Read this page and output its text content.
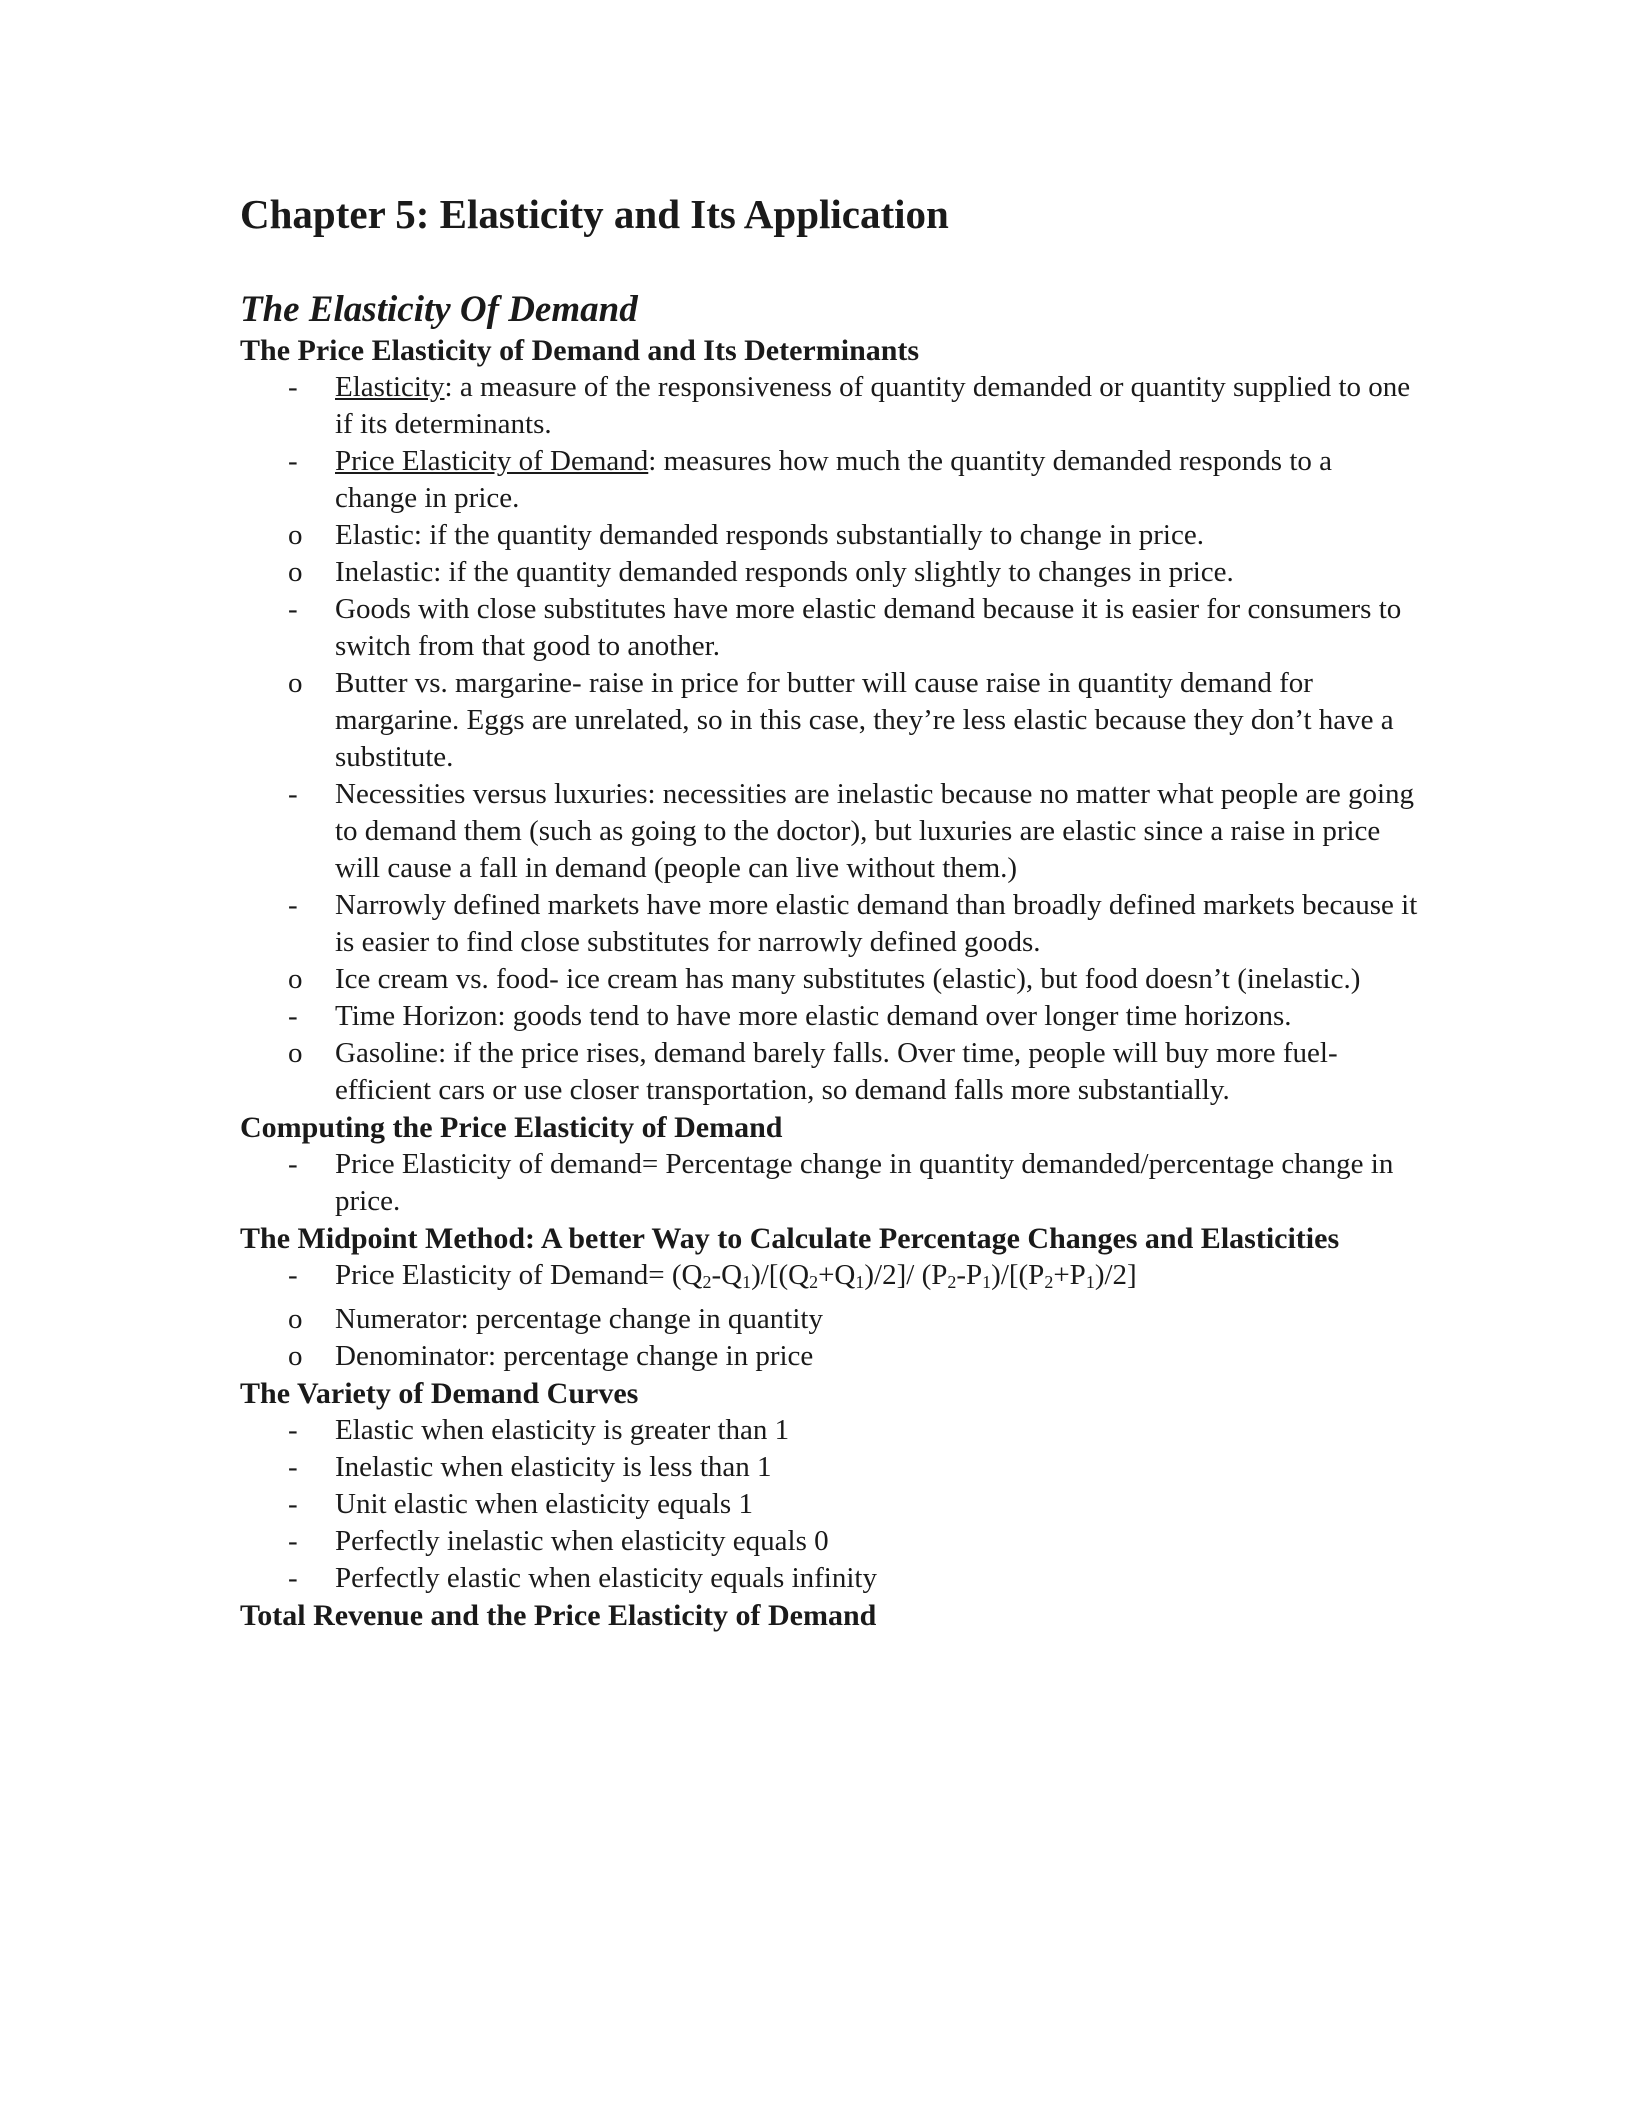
Chapter 5: Elasticity and Its Application
The Elasticity Of Demand
The Price Elasticity of Demand and Its Determinants
- Elasticity: a measure of the responsiveness of quantity demanded or quantity supplied to one if its determinants.
- Price Elasticity of Demand: measures how much the quantity demanded responds to a change in price.
o Elastic: if the quantity demanded responds substantially to change in price.
o Inelastic: if the quantity demanded responds only slightly to changes in price.
- Goods with close substitutes have more elastic demand because it is easier for consumers to switch from that good to another.
o Butter vs. margarine- raise in price for butter will cause raise in quantity demand for margarine. Eggs are unrelated, so in this case, they’re less elastic because they don’t have a substitute.
- Necessities versus luxuries: necessities are inelastic because no matter what people are going to demand them (such as going to the doctor), but luxuries are elastic since a raise in price will cause a fall in demand (people can live without them.)
- Narrowly defined markets have more elastic demand than broadly defined markets because it is easier to find close substitutes for narrowly defined goods.
o Ice cream vs. food- ice cream has many substitutes (elastic), but food doesn’t (inelastic.)
- Time Horizon: goods tend to have more elastic demand over longer time horizons.
o Gasoline: if the price rises, demand barely falls. Over time, people will buy more fuel- efficient cars or use closer transportation, so demand falls more substantially.
Computing the Price Elasticity of Demand
- Price Elasticity of demand= Percentage change in quantity demanded/percentage change in price.
The Midpoint Method: A better Way to Calculate Percentage Changes and Elasticities
- Price Elasticity of Demand= $(Q_2-Q_1)/[(Q_2+Q_1)/2]/$ $(P_2-P_1)/[(P_2+P_1)/2]$
o Numerator: percentage change in quantity
o Denominator: percentage change in price
The Variety of Demand Curves
- Elastic when elasticity is greater than 1
- Inelastic when elasticity is less than 1
- Unit elastic when elasticity equals 1
- Perfectly inelastic when elasticity equals 0
- Perfectly elastic when elasticity equals infinity
Total Revenue and the Price Elasticity of Demand
